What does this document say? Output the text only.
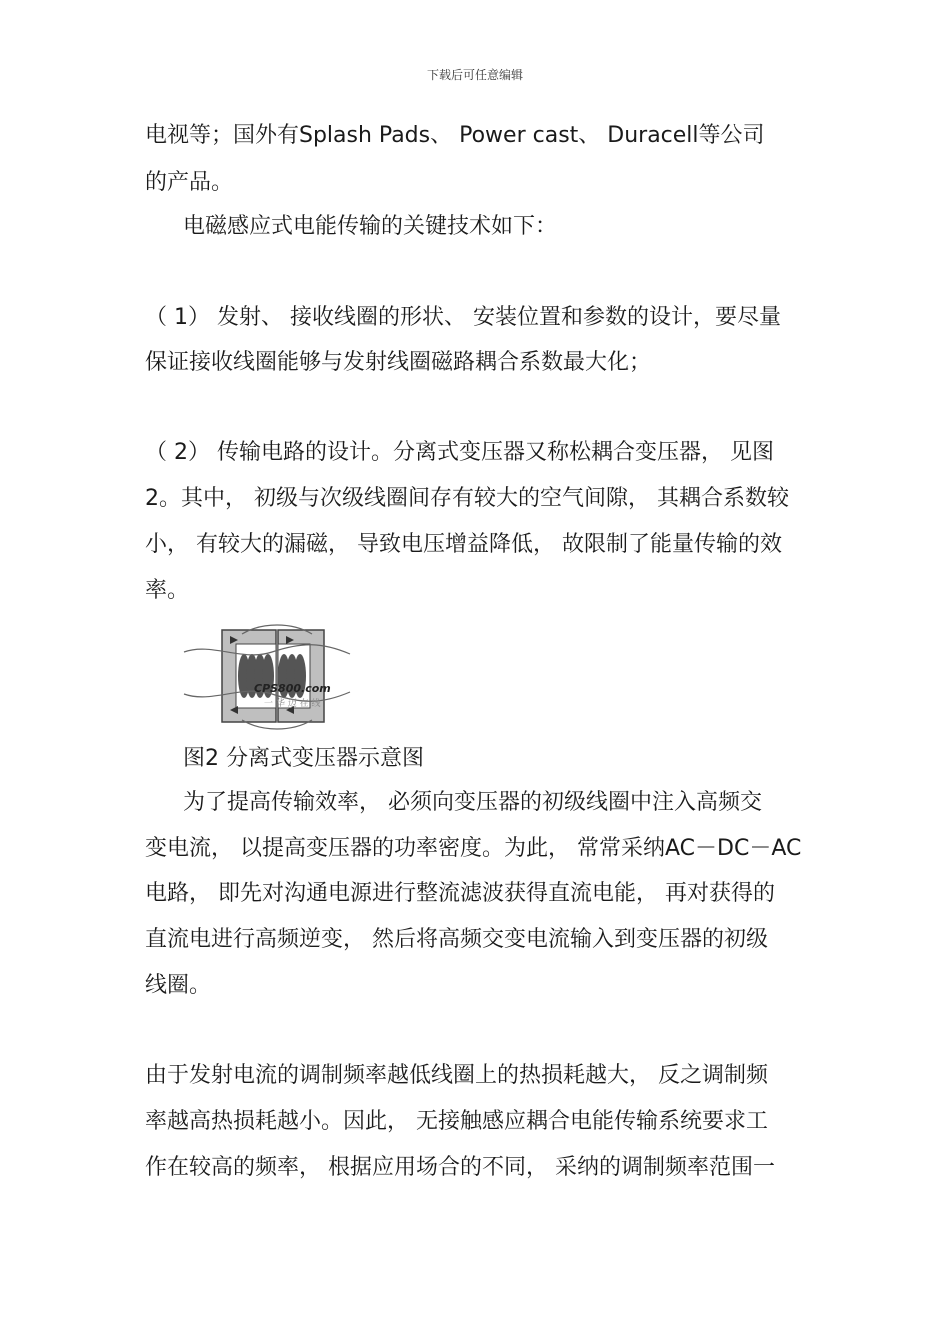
下载后可任意编辑
电视等；国外有Splash Pads、 Power cast、 Duracell等公司
的产品。
电磁感应式电能传输的关键技术如下：
（ 1） 发射、 接收线圈的形状、 安装位置和参数的设计，要尽量
保证接收线圈能够与发射线圈磁路耦合系数最大化；
（ 2） 传输电路的设计。分离式变压器又称松耦合变压器， 见图
2。其中， 初级与次级线圈间存有较大的空气间隙， 其耦合系数较
小， 有较大的漏磁， 导致电压增益降低， 故限制了能量传输的效
率。
CPS800.com
一 华 迈 在 线
图2 分离式变压器示意图
为了提高传输效率， 必须向变压器的初级线圈中注入高频交
变电流， 以提高变压器的功率密度。为此， 常常采纳AC－DC－AC
电路， 即先对沟通电源进行整流滤波获得直流电能， 再对获得的
直流电进行高频逆变， 然后将高频交变电流输入到变压器的初级
线圈。
由于发射电流的调制频率越低线圈上的热损耗越大， 反之调制频
率越高热损耗越小。因此， 无接触感应耦合电能传输系统要求工
作在较高的频率， 根据应用场合的不同， 采纳的调制频率范围一
